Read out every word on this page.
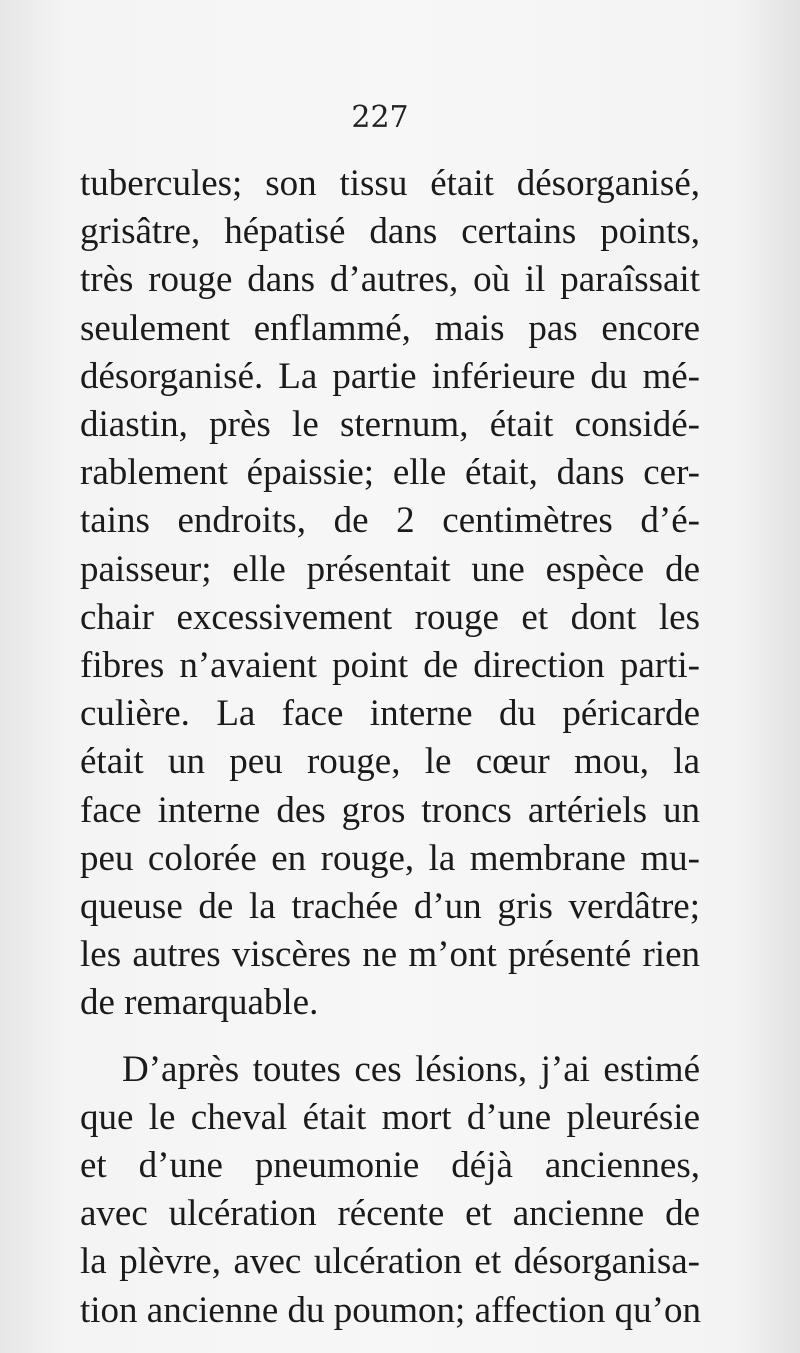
227
tubercules; son tissu était désorganisé,
grisâtre, hépatisé dans certains points,
très rouge dans d’autres, où il paraîssait
seulement enflammé, mais pas encore
désorganisé. La partie inférieure du mé-
diastin, près le sternum, était considé-
rablement épaissie; elle était, dans cer-
tains endroits, de 2 centimètres d’é-
paisseur; elle présentait une espèce de
chair excessivement rouge et dont les
fibres n’avaient point de direction parti-
culière. La face interne du péricarde
était un peu rouge, le cœur mou, la
face interne des gros troncs artériels un
peu colorée en rouge, la membrane mu-
queuse de la trachée d’un gris verdâtre;
les autres viscères ne m’ont présenté rien
de remarquable.
D’après toutes ces lésions, j’ai estimé
que le cheval était mort d’une pleurésie
et d’une pneumonie déjà anciennes,
avec ulcération récente et ancienne de
la plèvre, avec ulcération et désorganisa-
tion ancienne du poumon; affection qu’on
